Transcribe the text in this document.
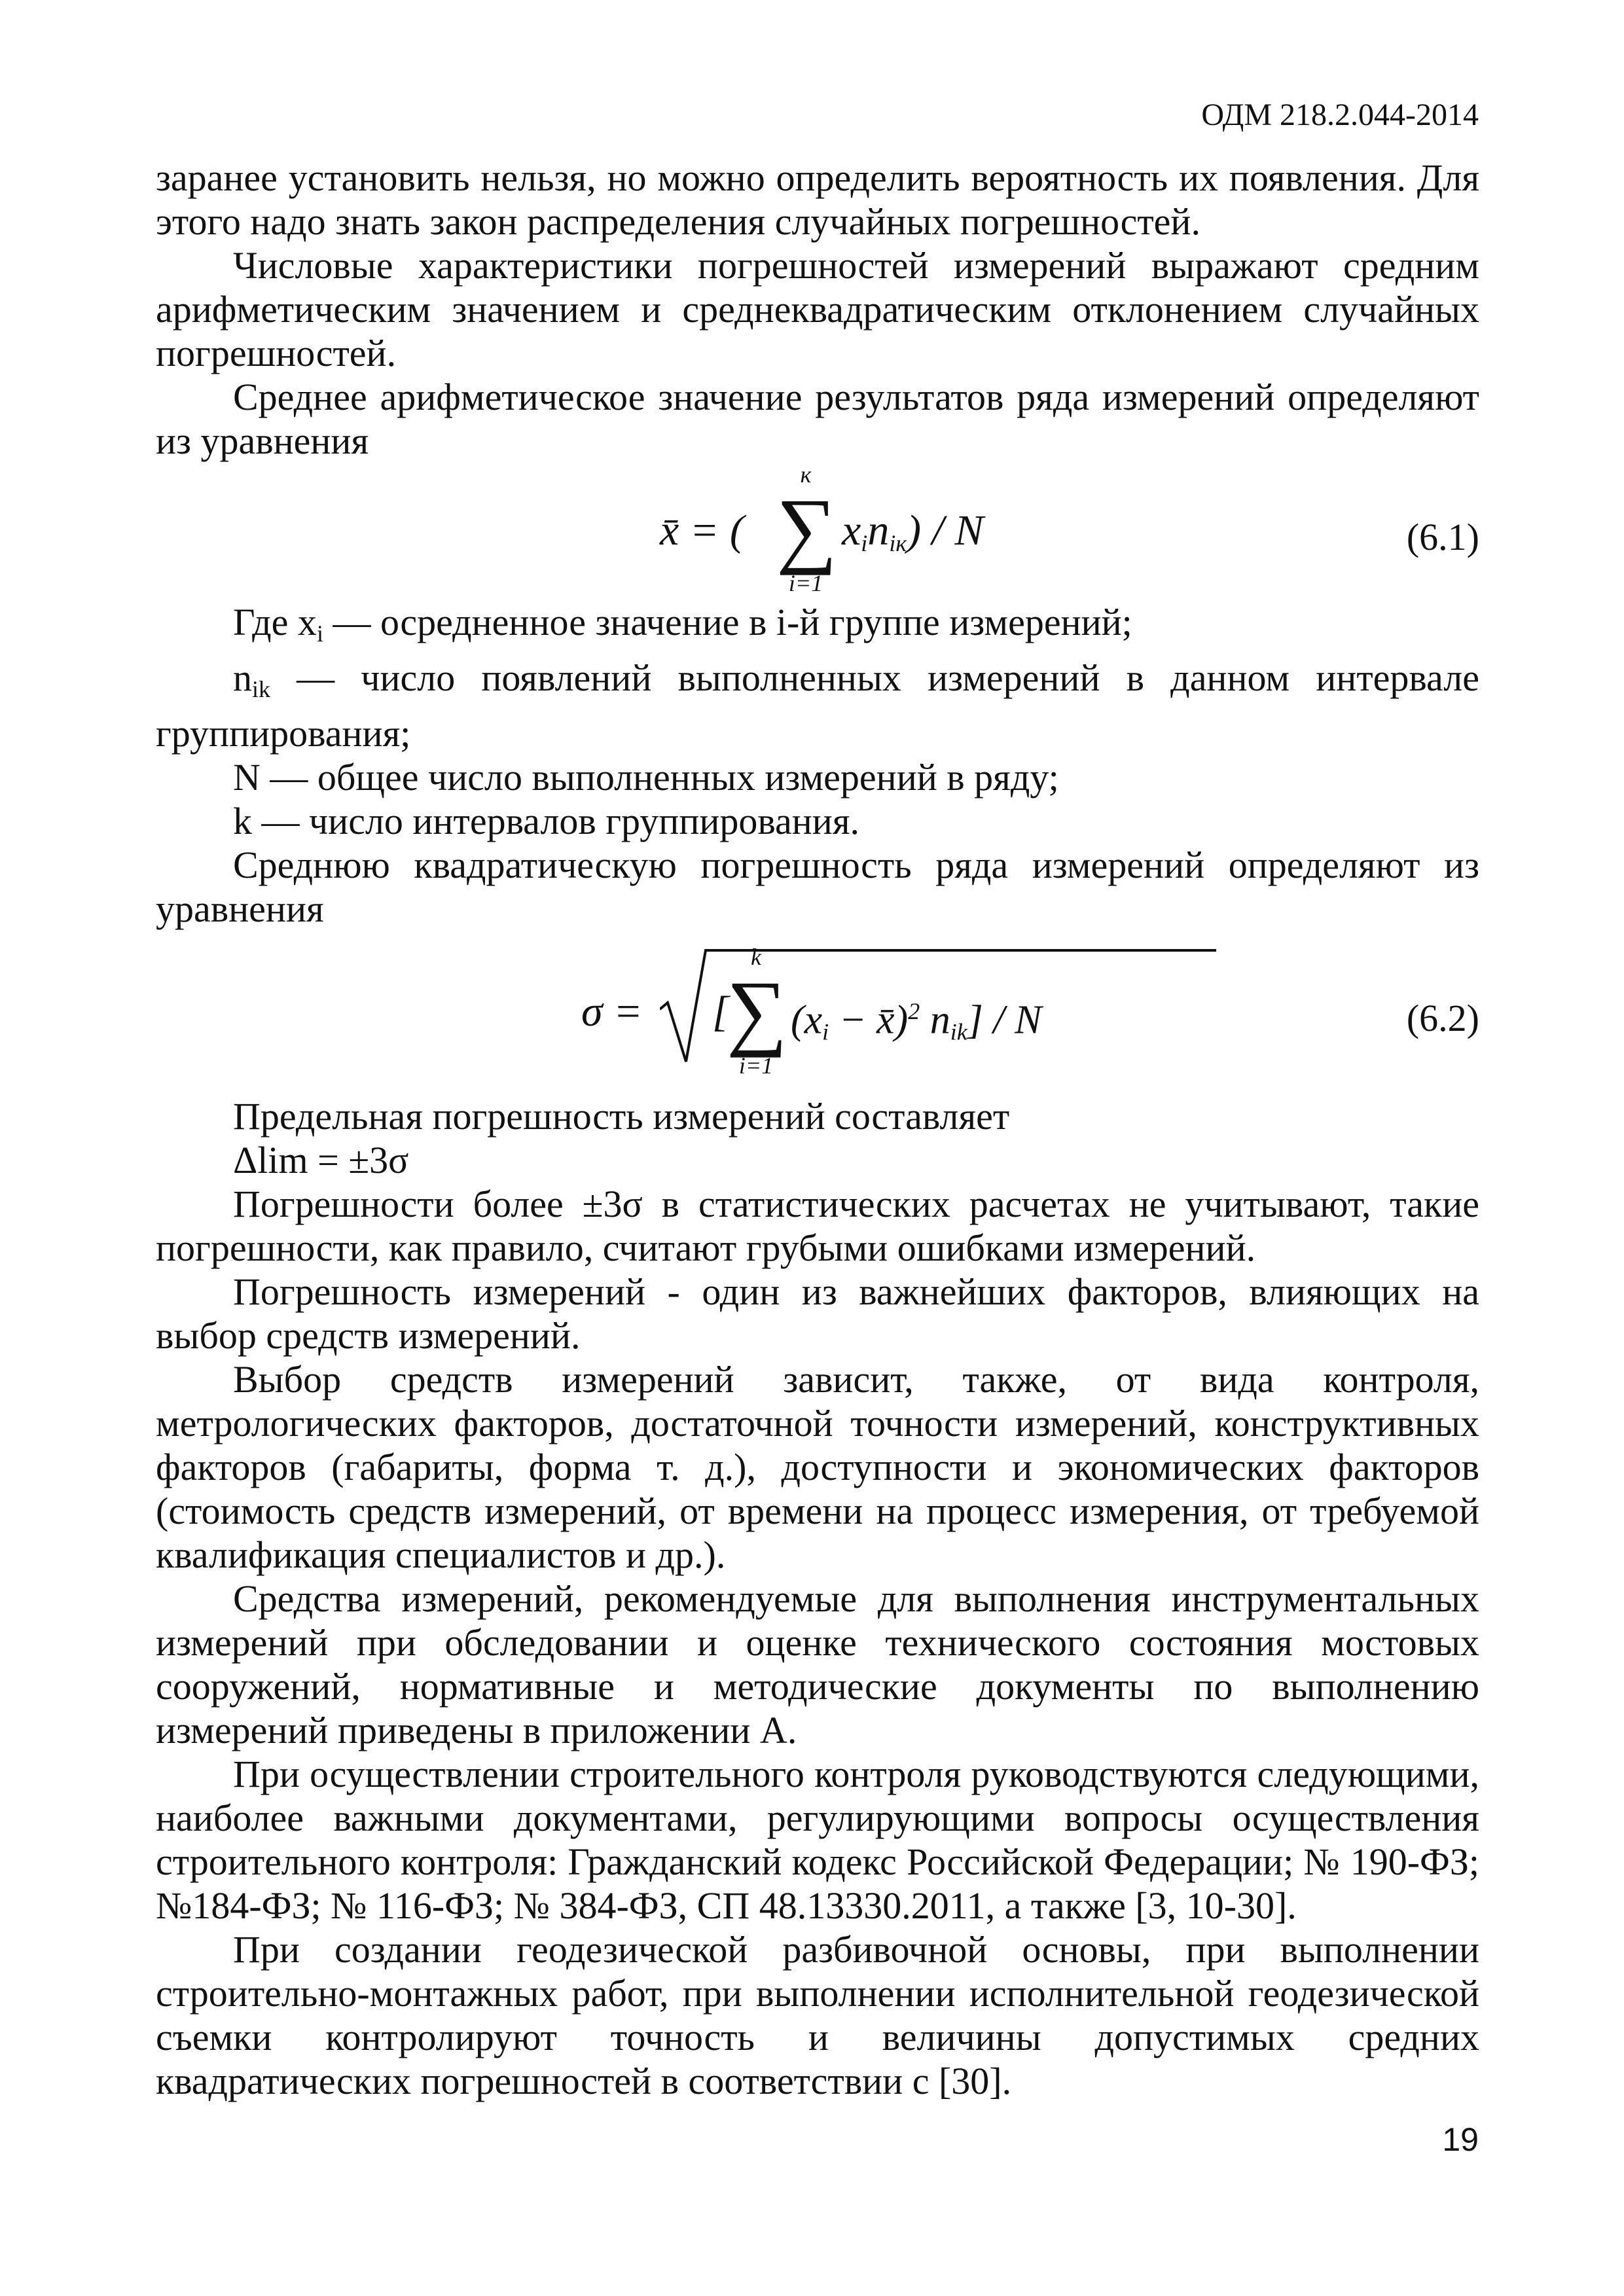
ОДМ 218.2.044-2014

заранее установить нельзя, но можно определить вероятность их появления. Для этого надо знать закон распределения случайных погрешностей.

Числовые характеристики погрешностей измерений выражают средним арифметическим значением и среднеквадратическим отклонением случайных погрешностей.

Среднее арифметическое значение результатов ряда измерений определяют из уравнения

x̄ = (
к
∑
i=1
$x_in_{iк}$) / N	(6.1)

Где $x_i$ — осредненное значение в i-й группе измерений;

$n_{ik}$ — число появлений выполненных измерений в данном интервале группирования;

N — общее число выполненных измерений в ряду;

k — число интервалов группирования.

Среднюю квадратическую погрешность ряда измерений определяют из уравнения

σ = [
k
∑
i=1
($x_i$ − x̄)$^2$ $n_{ik}$] / N	(6.2)

Предельная погрешность измерений составляет

Δlim = ±3σ

Погрешности более ±3σ в статистических расчетах не учитывают, такие погрешности, как правило, считают грубыми ошибками измерений.

Погрешность измерений - один из важнейших факторов, влияющих на выбор средств измерений.

Выбор средств измерений зависит, также, от вида контроля, метрологических факторов, достаточной точности измерений, конструктивных факторов (габариты, форма т. д.), доступности и экономических факторов (стоимость средств измерений, от времени на процесс измерения, от требуемой квалификация специалистов и др.).

Средства измерений, рекомендуемые для выполнения инструментальных измерений при обследовании и оценке технического состояния мостовых сооружений, нормативные и методические документы по выполнению измерений приведены в приложении А.

При осуществлении строительного контроля руководствуются следующими, наиболее важными документами, регулирующими вопросы осуществления строительного контроля: Гражданский кодекс Российской Федерации; № 190-ФЗ; №184-ФЗ; № 116-ФЗ; № 384-ФЗ, СП 48.13330.2011, а также [3, 10-30].

При создании геодезической разбивочной основы, при выполнении строительно-монтажных работ, при выполнении исполнительной геодезической съемки контролируют точность и величины допустимых средних квадратических погрешностей в соответствии с [30].

19
